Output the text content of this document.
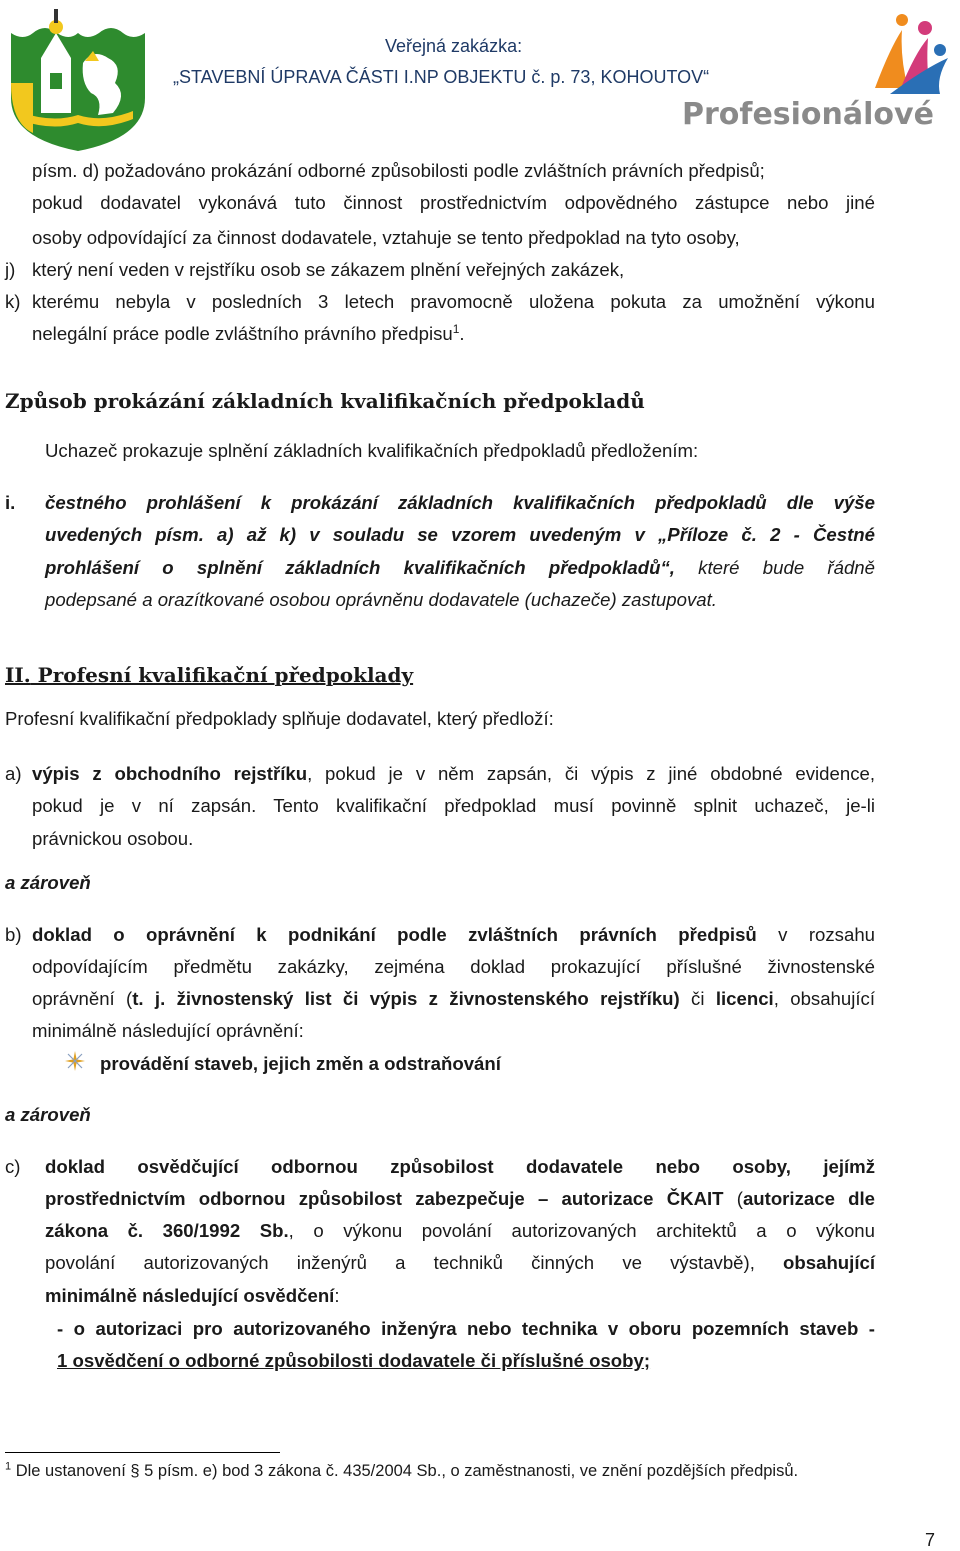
Veřejná zakázka:
„STAVEBNÍ ÚPRAVA ČÁSTI I.NP OBJEKTU č. p. 73, KOHOUTOV“
Profesionálové
písm. d) požadováno prokázání odborné způsobilosti podle zvláštních právních předpisů;
pokud dodavatel vykonává tuto činnost prostřednictvím odpovědného zástupce nebo jiné
osoby odpovídající za činnost dodavatele, vztahuje se tento předpoklad na tyto osoby,
j) který není veden v rejstříku osob se zákazem plnění veřejných zakázek,
k) kterému nebyla v posledních 3 letech pravomocně uložena pokuta za umožnění výkonu
nelegální práce podle zvláštního právního předpisu$^1$.
Způsob prokázání základních kvalifikačních předpokladů
Uchazeč prokazuje splnění základních kvalifikačních předpokladů předložením:
i. čestného prohlášení k prokázání základních kvalifikačních předpokladů dle výše
uvedených písm. a) až k) v souladu se vzorem uvedeným v „Příloze č. 2 - Čestné
prohlášení o splnění základních kvalifikačních předpokladů“, které bude řádně
podepsané a orazítkované osobou oprávněnu dodavatele (uchazeče) zastupovat.
II. Profesní kvalifikační předpoklady
Profesní kvalifikační předpoklady splňuje dodavatel, který předloží:
a) výpis z obchodního rejstříku, pokud je v něm zapsán, či výpis z jiné obdobné evidence,
pokud je v ní zapsán. Tento kvalifikační předpoklad musí povinně splnit uchazeč, je-li
právnickou osobou.
a zároveň
b) doklad o oprávnění k podnikání podle zvláštních právních předpisů v rozsahu
odpovídajícím předmětu zakázky, zejména doklad prokazující příslušné živnostenské
oprávnění (t. j. živnostenský list či výpis z živnostenského rejstříku) či licenci, obsahující
minimálně následující oprávnění:
provádění staveb, jejich změn a odstraňování
a zároveň
c) doklad osvědčující odbornou způsobilost dodavatele nebo osoby, jejímž
prostřednictvím odbornou způsobilost zabezpečuje – autorizace ČKAIT (autorizace dle
zákona č. 360/1992 Sb., o výkonu povolání autorizovaných architektů a o výkonu
povolání autorizovaných inženýrů a techniků činných ve výstavbě), obsahující
minimálně následující osvědčení:
- o autorizaci pro autorizovaného inženýra nebo technika v oboru pozemních staveb -
1 osvědčení o odborné způsobilosti dodavatele či příslušné osoby;
$^1$ Dle ustanovení § 5 písm. e) bod 3 zákona č. 435/2004 Sb., o zaměstnanosti, ve znění pozdějších předpisů.
7
